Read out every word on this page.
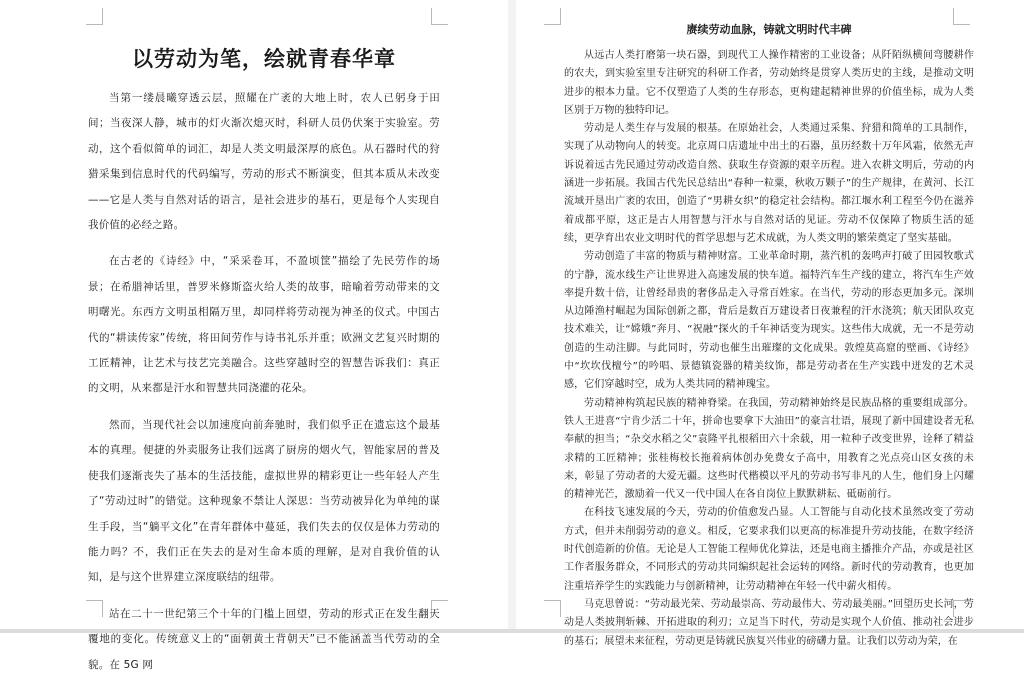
以劳动为笔，绘就青春华章

当第一缕晨曦穿透云层，照耀在广袤的大地上时，农人已躬身于田间；当夜深人静，城市的灯火渐次熄灭时，科研人员仍伏案于实验室。劳动，这个看似简单的词汇，却是人类文明最深厚的底色。从石器时代的狩猎采集到信息时代的代码编写，劳动的形式不断演变，但其本质从未改变——它是人类与自然对话的语言，是社会进步的基石，更是每个人实现自我价值的必经之路。

在古老的《诗经》中，“采采卷耳，不盈顷筐”描绘了先民劳作的场景；在希腊神话里，普罗米修斯盗火给人类的故事，暗喻着劳动带来的文明曙光。东西方文明虽相隔万里，却同样将劳动视为神圣的仪式。中国古代的“耕读传家”传统，将田间劳作与诗书礼乐并重；欧洲文艺复兴时期的工匠精神，让艺术与技艺完美融合。这些穿越时空的智慧告诉我们：真正的文明，从来都是汗水和智慧共同浇灌的花朵。

然而，当现代社会以加速度向前奔驰时，我们似乎正在遗忘这个最基本的真理。便捷的外卖服务让我们远离了厨房的烟火气，智能家居的普及使我们逐渐丧失了基本的生活技能，虚拟世界的精彩更让一些年轻人产生了“劳动过时”的错觉。这种现象不禁让人深思：当劳动被异化为单纯的谋生手段，当“躺平文化”在青年群体中蔓延，我们失去的仅仅是体力劳动的能力吗？不，我们正在失去的是对生命本质的理解，是对自我价值的认知，是与这个世界建立深度联结的纽带。

站在二十一世纪第三个十年的门槛上回望，劳动的形式正在发生翻天覆地的变化。传统意义上的“面朝黄土背朝天”已不能涵盖当代劳动的全貌。在 5G 网

赓续劳动血脉，铸就文明时代丰碑

从远古人类打磨第一块石器，到现代工人操作精密的工业设备；从阡陌纵横间弯腰耕作的农夫，到实验室里专注研究的科研工作者，劳动始终是贯穿人类历史的主线，是推动文明进步的根本力量。它不仅塑造了人类的生存形态，更构建起精神世界的价值坐标，成为人类区别于万物的独特印记。

劳动是人类生存与发展的根基。在原始社会，人类通过采集、狩猎和简单的工具制作，实现了从动物向人的转变。北京周口店遗址中出土的石器，虽历经数十万年风霜，依然无声诉说着远古先民通过劳动改造自然、获取生存资源的艰辛历程。进入农耕文明后，劳动的内涵进一步拓展。我国古代先民总结出“春种一粒粟，秋收万颗子”的生产规律，在黄河、长江流域开垦出广袤的农田，创造了“男耕女织”的稳定社会结构。都江堰水利工程至今仍在滋养着成都平原，这正是古人用智慧与汗水与自然对话的见证。劳动不仅保障了物质生活的延续，更孕育出农业文明时代的哲学思想与艺术成就，为人类文明的繁荣奠定了坚实基础。

劳动创造了丰富的物质与精神财富。工业革命时期，蒸汽机的轰鸣声打破了田园牧歌式的宁静，流水线生产让世界进入高速发展的快车道。福特汽车生产线的建立，将汽车生产效率提升数十倍，让曾经昂贵的奢侈品走入寻常百姓家。在当代，劳动的形态更加多元。深圳从边陲渔村崛起为国际创新之都，背后是数百万建设者日夜兼程的汗水浇筑；航天团队攻克技术难关，让“嫦娥”奔月、“祝融”探火的千年神话变为现实。这些伟大成就，无一不是劳动创造的生动注脚。与此同时，劳动也催生出璀璨的文化成果。敦煌莫高窟的壁画、《诗经》中“坎坎伐檀兮”的吟唱、景德镇瓷器的精美纹饰，都是劳动者在生产实践中迸发的艺术灵感，它们穿越时空，成为人类共同的精神瑰宝。

劳动精神构筑起民族的精神脊梁。在我国，劳动精神始终是民族品格的重要组成部分。铁人王进喜“宁肯少活二十年，拼命也要拿下大油田”的豪言壮语，展现了新中国建设者无私奉献的担当；“杂交水稻之父”袁隆平扎根稻田六十余载，用一粒种子改变世界，诠释了精益求精的工匠精神；张桂梅校长拖着病体创办免费女子高中，用教育之光点亮山区女孩的未来，彰显了劳动者的大爱无疆。这些时代楷模以平凡的劳动书写非凡的人生，他们身上闪耀的精神光芒，激励着一代又一代中国人在各自岗位上默默耕耘、砥砺前行。

在科技飞速发展的今天，劳动的价值愈发凸显。人工智能与自动化技术虽然改变了劳动方式，但并未削弱劳动的意义。相反，它要求我们以更高的标准提升劳动技能，在数字经济时代创造新的价值。无论是人工智能工程师优化算法，还是电商主播推介产品，亦或是社区工作者服务群众，不同形式的劳动共同编织起社会运转的网络。新时代的劳动教育，也更加注重培养学生的实践能力与创新精神，让劳动精神在年轻一代中薪火相传。

马克思曾说：“劳动最光荣、劳动最崇高、劳动最伟大、劳动最美丽。”回望历史长河，劳动是人类披荆斩棘、开拓进取的利刃；立足当下时代，劳动是实现个人价值、推动社会进步的基石；展望未来征程，劳动更是铸就民族复兴伟业的磅礴力量。让我们以劳动为荣，在
